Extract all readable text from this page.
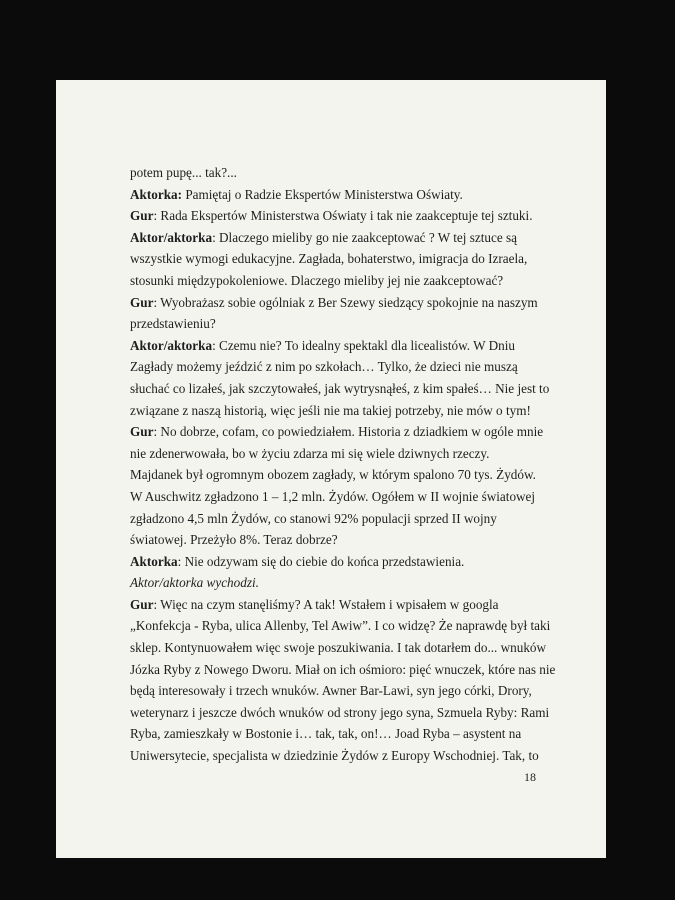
potem pupę... tak?...
Aktorka: Pamiętaj o Radzie Ekspertów Ministerstwa Oświaty.
Gur: Rada Ekspertów Ministerstwa Oświaty i tak nie zaakceptuje tej sztuki.
Aktor/aktorka: Dlaczego mieliby go nie zaakceptować ? W tej sztuce są
wszystkie wymogi edukacyjne. Zagłada, bohaterstwo, imigracja do Izraela,
stosunki międzypokoleniowe. Dlaczego mieliby jej nie zaakceptować?
Gur: Wyobrażasz sobie ogólniak z Ber Szewy siedzący spokojnie na naszym
przedstawieniu?
Aktor/aktorka: Czemu nie? To idealny spektakl dla licealistów. W Dniu
Zagłady możemy jeździć z nim po szkołach… Tylko, że dzieci nie muszą
słuchać co lizałeś, jak szczytowałeś, jak wytrysnąłeś, z kim spałeś… Nie jest to
związane z naszą historią, więc jeśli nie ma takiej potrzeby, nie mów o tym!
Gur: No dobrze, cofam, co powiedziałem. Historia z dziadkiem w ogóle mnie
nie zdenerwowała, bo w życiu zdarza mi się wiele dziwnych rzeczy.
Majdanek był ogromnym obozem zagłady, w którym spalono 70 tys. Żydów.
W Auschwitz zgładzono 1 – 1,2 mln. Żydów. Ogółem w II wojnie światowej
zgładzono 4,5 mln Żydów, co stanowi 92% populacji sprzed II wojny
światowej. Przeżyło 8%. Teraz dobrze?
Aktorka: Nie odzywam się do ciebie do końca przedstawienia.
Aktor/aktorka wychodzi.
Gur: Więc na czym stanęliśmy? A tak! Wstałem i wpisałem w googla
„Konfekcja - Ryba, ulica Allenby, Tel Awiw”. I co widzę? Że naprawdę był taki
sklep. Kontynuowałem więc swoje poszukiwania. I tak dotarłem do... wnuków
Józka Ryby z Nowego Dworu. Miał on ich ośmioro: pięć wnuczek, które nas nie
będą interesowały i trzech wnuków. Awner Bar-Lawi, syn jego córki, Drory,
weterynarz i jeszcze dwóch wnuków od strony jego syna, Szmuela Ryby: Rami
Ryba, zamieszkały w Bostonie i… tak, tak, on!… Joad Ryba – asystent na
Uniwersytecie, specjalista w dziedzinie Żydów z Europy Wschodniej. Tak, to
18
